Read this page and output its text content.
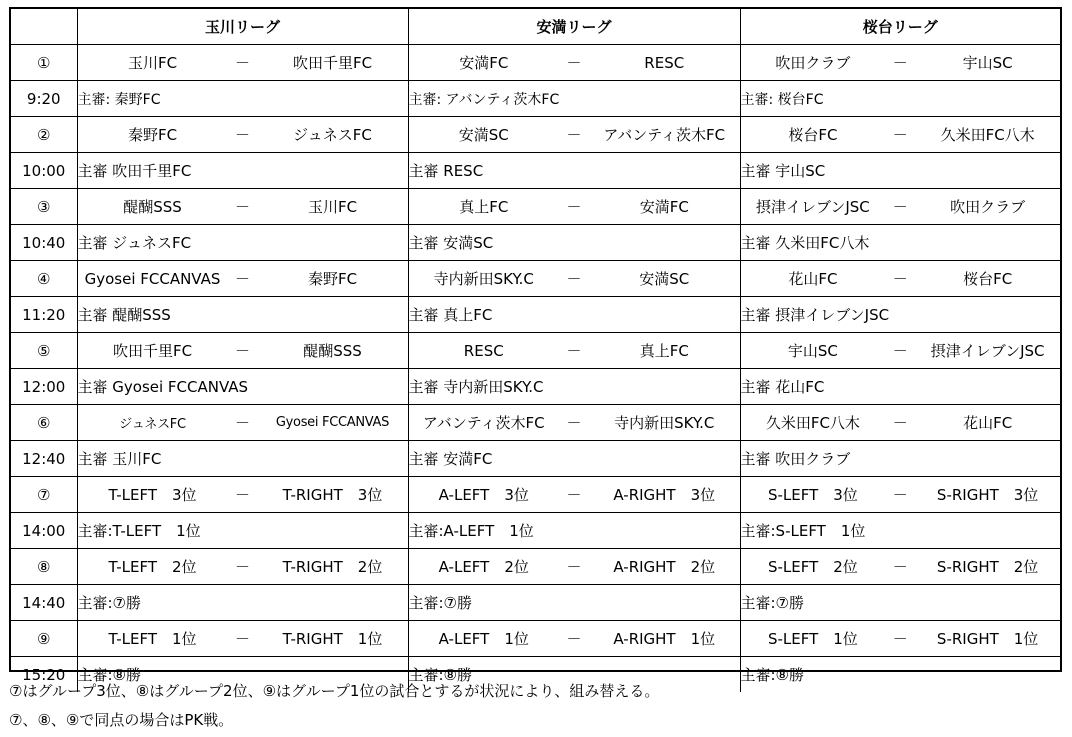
	玉川リーグ	安満リーグ	桜台リーグ
①	玉川FC － 吹田千里FC	安満FC － RESC	吹田クラブ － 宇山SC

9:20	主審: 秦野FC	主審: アバンティ茨木FC	主審: 桜台FC
②	秦野FC － ジュネスFC	安満SC － アバンティ茨木FC	桜台FC － 久米田FC八木

10:00	主審 吹田千里FC	主審 RESC	主審 宇山SC
③	醍醐SSS － 玉川FC	真上FC － 安満FC	摂津イレブンJSC － 吹田クラブ

10:40	主審 ジュネスFC	主審 安満SC	主審 久米田FC八木
④	Gyosei FCCANVAS － 秦野FC	寺内新田SKY.C － 安満SC	花山FC － 桜台FC

11:20	主審 醍醐SSS	主審 真上FC	主審 摂津イレブンJSC
⑤	吹田千里FC － 醍醐SSS	RESC － 真上FC	宇山SC － 摂津イレブンJSC

12:00	主審 Gyosei FCCANVAS	主審 寺内新田SKY.C	主審 花山FC
⑥	ジュネスFC － Gyosei FCCANVAS	アバンティ茨木FC － 寺内新田SKY.C	久米田FC八木 － 花山FC

12:40	主審 玉川FC	主審 安満FC	主審 吹田クラブ
⑦	T-LEFT　3位 － T-RIGHT　3位	A-LEFT　3位 － A-RIGHT　3位	S-LEFT　3位 － S-RIGHT　3位

14:00	主審:T-LEFT　1位	主審:A-LEFT　1位	主審:S-LEFT　1位
⑧	T-LEFT　2位 － T-RIGHT　2位	A-LEFT　2位 － A-RIGHT　2位	S-LEFT　2位 － S-RIGHT　2位

14:40	主審:⑦勝	主審:⑦勝	主審:⑦勝
⑨	T-LEFT　1位 － T-RIGHT　1位	A-LEFT　1位 － A-RIGHT　1位	S-LEFT　1位 － S-RIGHT　1位

15:20	主審:⑧勝	主審:⑧勝	主審:⑧勝
⑦はグループ3位、⑧はグループ2位、⑨はグループ1位の試合とするが状況により、組み替える。
⑦、⑧、⑨で同点の場合はPK戦。
